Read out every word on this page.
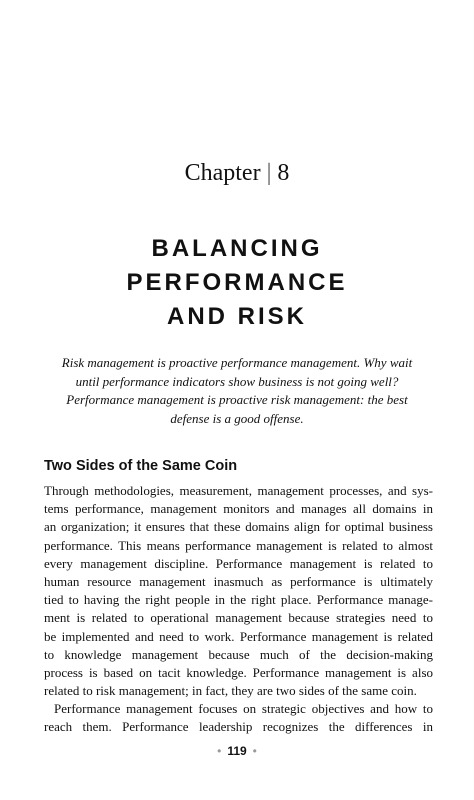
Chapter | 8
BALANCING
PERFORMANCE
AND RISK
Risk management is proactive performance management. Why wait
until performance indicators show business is not going well?
Performance management is proactive risk management: the best
defense is a good offense.
Two Sides of the Same Coin
Through methodologies, measurement, management processes, and sys-
tems performance, management monitors and manages all domains in
an organization; it ensures that these domains align for optimal business
performance. This means performance management is related to almost
every management discipline. Performance management is related to
human resource management inasmuch as performance is ultimately
tied to having the right people in the right place. Performance manage-
ment is related to operational management because strategies need to
be implemented and need to work. Performance management is related
to knowledge management because much of the decision-making
process is based on tacit knowledge. Performance management is also
related to risk management; in fact, they are two sides of the same coin.
Performance management focuses on strategic objectives and how to
reach them. Performance leadership recognizes the differences in
• 119 •
